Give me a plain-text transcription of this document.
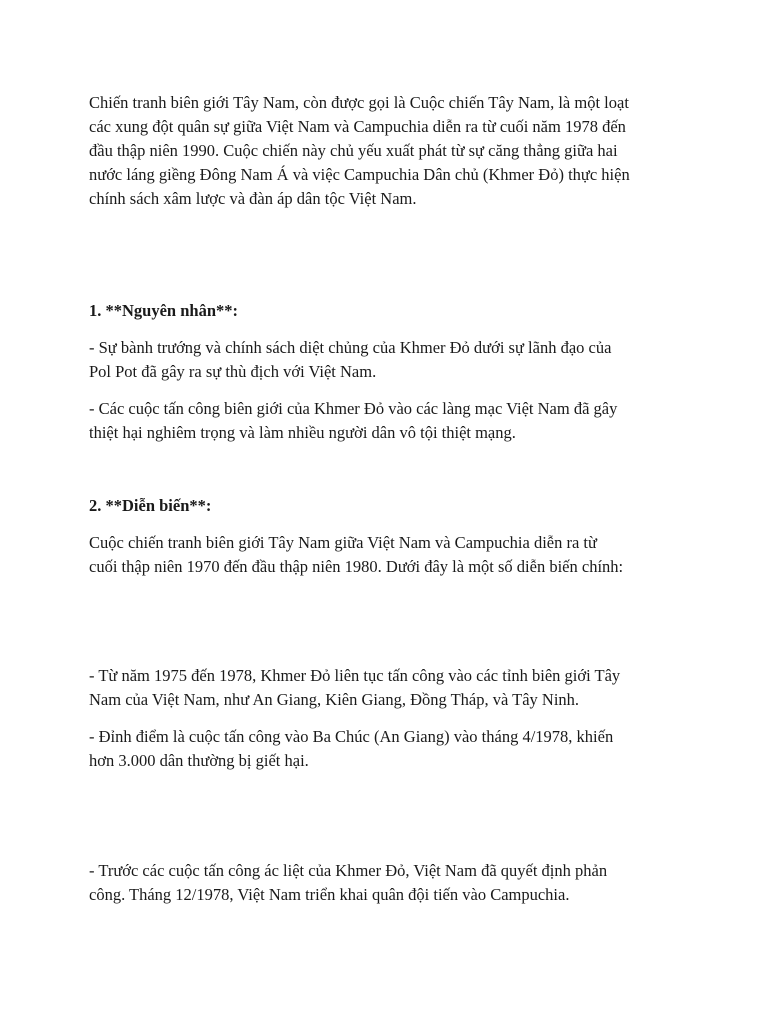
Chiến tranh biên giới Tây Nam, còn được gọi là Cuộc chiến Tây Nam, là một loạt
các xung đột quân sự giữa Việt Nam và Campuchia diễn ra từ cuối năm 1978 đến
đầu thập niên 1990. Cuộc chiến này chủ yếu xuất phát từ sự căng thẳng giữa hai
nước láng giềng Đông Nam Á và việc Campuchia Dân chủ (Khmer Đỏ) thực hiện
chính sách xâm lược và đàn áp dân tộc Việt Nam.

1. **Nguyên nhân**:

- Sự bành trướng và chính sách diệt chủng của Khmer Đỏ dưới sự lãnh đạo của
Pol Pot đã gây ra sự thù địch với Việt Nam.

- Các cuộc tấn công biên giới của Khmer Đỏ vào các làng mạc Việt Nam đã gây
thiệt hại nghiêm trọng và làm nhiều người dân vô tội thiệt mạng.

2. **Diễn biến**:

Cuộc chiến tranh biên giới Tây Nam giữa Việt Nam và Campuchia diễn ra từ
cuối thập niên 1970 đến đầu thập niên 1980. Dưới đây là một số diễn biến chính:

- Từ năm 1975 đến 1978, Khmer Đỏ liên tục tấn công vào các tỉnh biên giới Tây
Nam của Việt Nam, như An Giang, Kiên Giang, Đồng Tháp, và Tây Ninh.

- Đỉnh điểm là cuộc tấn công vào Ba Chúc (An Giang) vào tháng 4/1978, khiến
hơn 3.000 dân thường bị giết hại.

- Trước các cuộc tấn công ác liệt của Khmer Đỏ, Việt Nam đã quyết định phản
công. Tháng 12/1978, Việt Nam triển khai quân đội tiến vào Campuchia.
